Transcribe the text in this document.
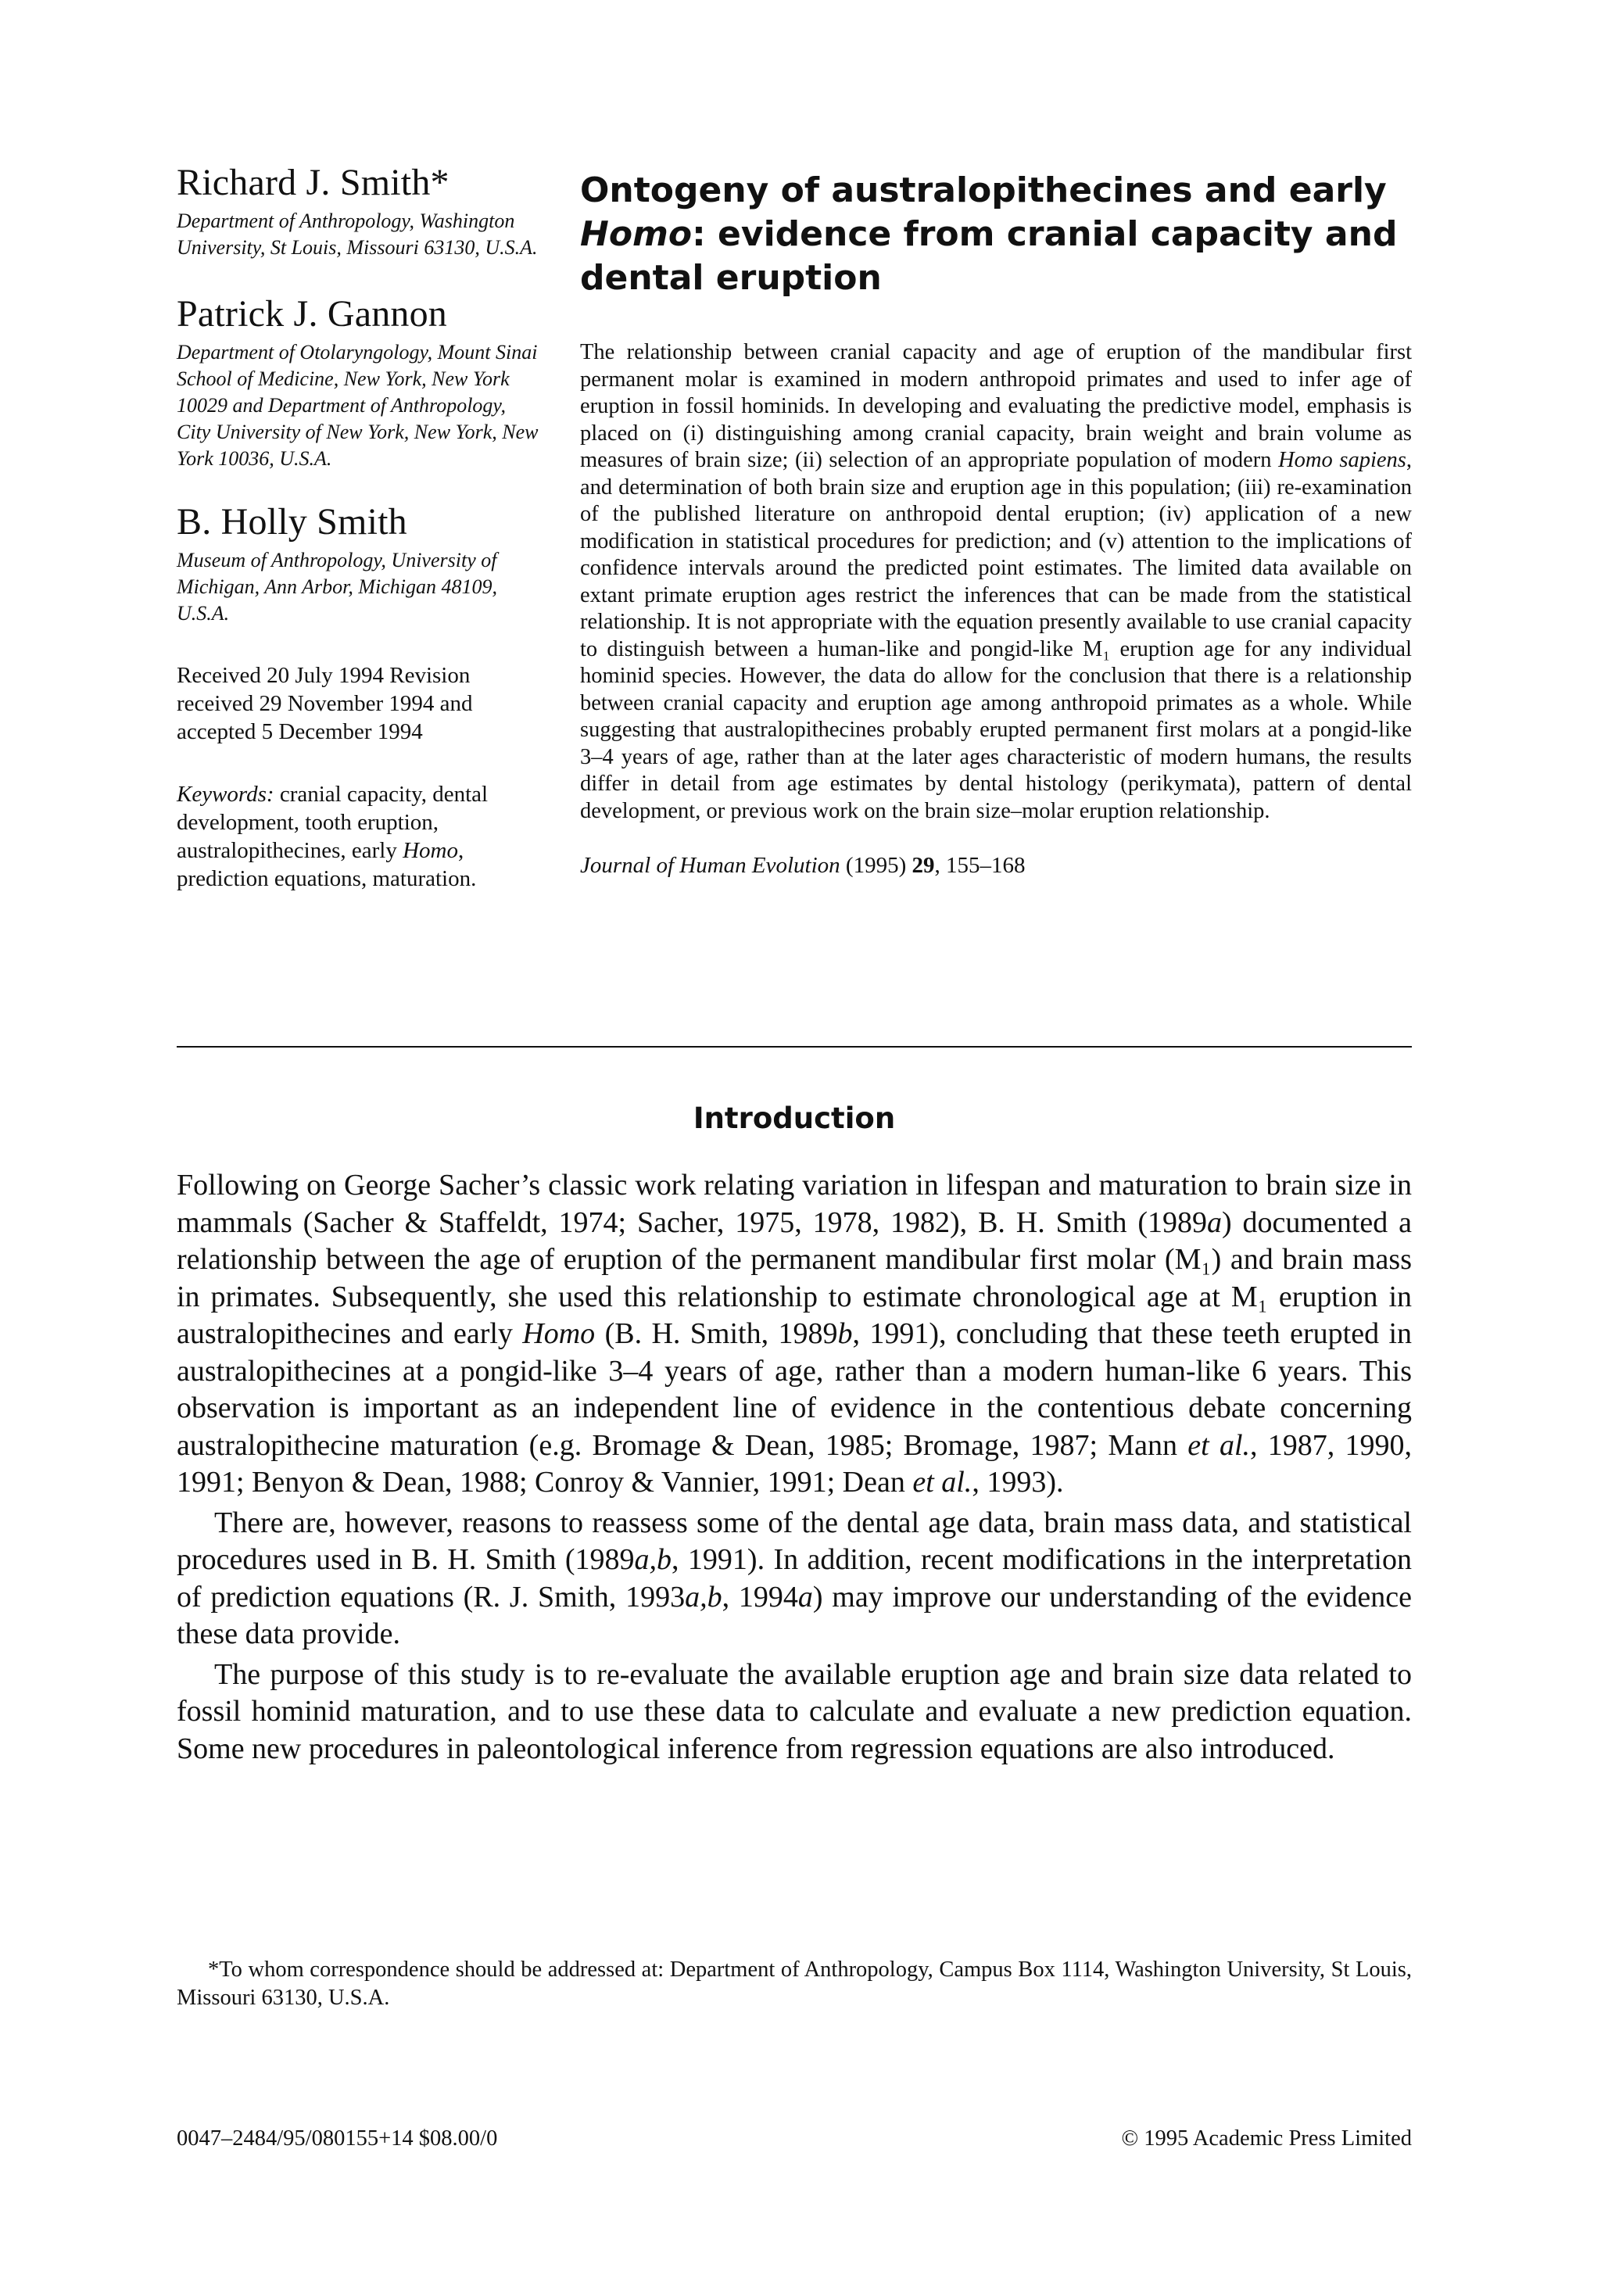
Richard J. Smith*
Department of Anthropology, Washington University, St Louis, Missouri 63130, U.S.A.
Patrick J. Gannon
Department of Otolaryngology, Mount Sinai School of Medicine, New York, New York 10029 and Department of Anthropology, City University of New York, New York, New York 10036, U.S.A.
B. Holly Smith
Museum of Anthropology, University of Michigan, Ann Arbor, Michigan 48109, U.S.A.
Received 20 July 1994 Revision received 29 November 1994 and accepted 5 December 1994
Keywords: cranial capacity, dental development, tooth eruption, australopithecines, early Homo, prediction equations, maturation.
Ontogeny of australopithecines and early Homo: evidence from cranial capacity and dental eruption

The relationship between cranial capacity and age of eruption of the mandibular first permanent molar is examined in modern anthropoid primates and used to infer age of eruption in fossil hominids. In developing and evaluating the predictive model, emphasis is placed on (i) distinguishing among cranial capacity, brain weight and brain volume as measures of brain size; (ii) selection of an appropriate population of modern Homo sapiens, and determination of both brain size and eruption age in this population; (iii) re-examination of the published literature on anthropoid dental eruption; (iv) application of a new modification in statistical procedures for prediction; and (v) attention to the implications of confidence intervals around the predicted point estimates. The limited data available on extant primate eruption ages restrict the inferences that can be made from the statistical relationship. It is not appropriate with the equation presently available to use cranial capacity to distinguish between a human-like and pongid-like M₁ eruption age for any individual hominid species. However, the data do allow for the conclusion that there is a relationship between cranial capacity and eruption age among anthropoid primates as a whole. While suggesting that australopithecines probably erupted permanent first molars at a pongid-like 3–4 years of age, rather than at the later ages characteristic of modern humans, the results differ in detail from age estimates by dental histology (perikymata), pattern of dental development, or previous work on the brain size–molar eruption relationship.

Journal of Human Evolution (1995) 29, 155–168
Introduction

Following on George Sacher’s classic work relating variation in lifespan and maturation to brain size in mammals (Sacher & Staffeldt, 1974; Sacher, 1975, 1978, 1982), B. H. Smith (1989a) documented a relationship between the age of eruption of the permanent mandibular first molar (M₁) and brain mass in primates. Subsequently, she used this relationship to estimate chronological age at M₁ eruption in australopithecines and early Homo (B. H. Smith, 1989b, 1991), concluding that these teeth erupted in australopithecines at a pongid-like 3–4 years of age, rather than a modern human-like 6 years. This observation is important as an independent line of evidence in the contentious debate concerning australopithecine maturation (e.g. Bromage & Dean, 1985; Bromage, 1987; Mann et al., 1987, 1990, 1991; Benyon & Dean, 1988; Conroy & Vannier, 1991; Dean et al., 1993).

There are, however, reasons to reassess some of the dental age data, brain mass data, and statistical procedures used in B. H. Smith (1989a,b, 1991). In addition, recent modifications in the interpretation of prediction equations (R. J. Smith, 1993a,b, 1994a) may improve our understanding of the evidence these data provide.

The purpose of this study is to re-evaluate the available eruption age and brain size data related to fossil hominid maturation, and to use these data to calculate and evaluate a new prediction equation. Some new procedures in paleontological inference from regression equations are also introduced.

*To whom correspondence should be addressed at: Department of Anthropology, Campus Box 1114, Washington University, St Louis, Missouri 63130, U.S.A.
0047–2484/95/080155+14 $08.00/0	© 1995 Academic Press Limited
